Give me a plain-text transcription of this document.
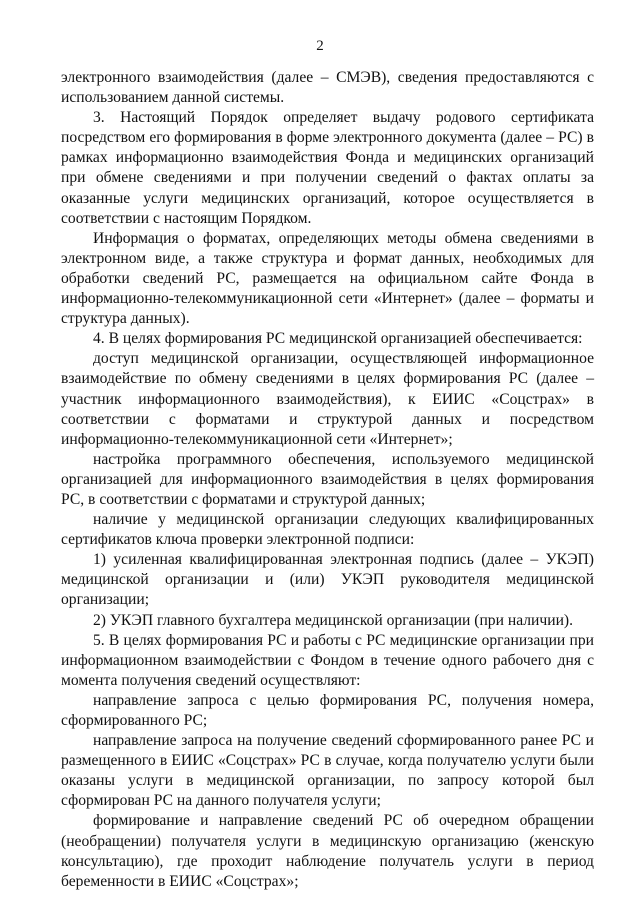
2

электронного взаимодействия (далее – СМЭВ), сведения предоставляются с использованием данной системы.

3. Настоящий Порядок определяет выдачу родового сертификата посредством его формирования в форме электронного документа (далее – РС) в рамках информационно взаимодействия Фонда и медицинских организаций при обмене сведениями и при получении сведений о фактах оплаты за оказанные услуги медицинских организаций, которое осуществляется в соответствии с настоящим Порядком.

Информация о форматах, определяющих методы обмена сведениями в электронном виде, а также структура и формат данных, необходимых для обработки сведений РС, размещается на официальном сайте Фонда в информационно-телекоммуникационной сети «Интернет» (далее – форматы и структура данных).

4. В целях формирования РС медицинской организацией обеспечивается:

доступ медицинской организации, осуществляющей информационное взаимодействие по обмену сведениями в целях формирования РС (далее – участник информационного взаимодействия), к ЕИИС «Соцстрах» в соответствии с форматами и структурой данных и посредством информационно-телекоммуникационной сети «Интернет»;

настройка программного обеспечения, используемого медицинской организацией для информационного взаимодействия в целях формирования РС, в соответствии с форматами и структурой данных;

наличие у медицинской организации следующих квалифицированных сертификатов ключа проверки электронной подписи:

1) усиленная квалифицированная электронная подпись (далее – УКЭП) медицинской организации и (или) УКЭП руководителя медицинской организации;

2) УКЭП главного бухгалтера медицинской организации (при наличии).

5. В целях формирования РС и работы с РС медицинские организации при информационном взаимодействии с Фондом в течение одного рабочего дня с момента получения сведений осуществляют:

направление запроса с целью формирования РС, получения номера, сформированного РС;

направление запроса на получение сведений сформированного ранее РС и размещенного в ЕИИС «Соцстрах» РС в случае, когда получателю услуги были оказаны услуги в медицинской организации, по запросу которой был сформирован РС на данного получателя услуги;

формирование и направление сведений РС об очередном обращении (необращении) получателя услуги в медицинскую организацию (женскую консультацию), где проходит наблюдение получатель услуги в период беременности в ЕИИС «Соцстрах»;
